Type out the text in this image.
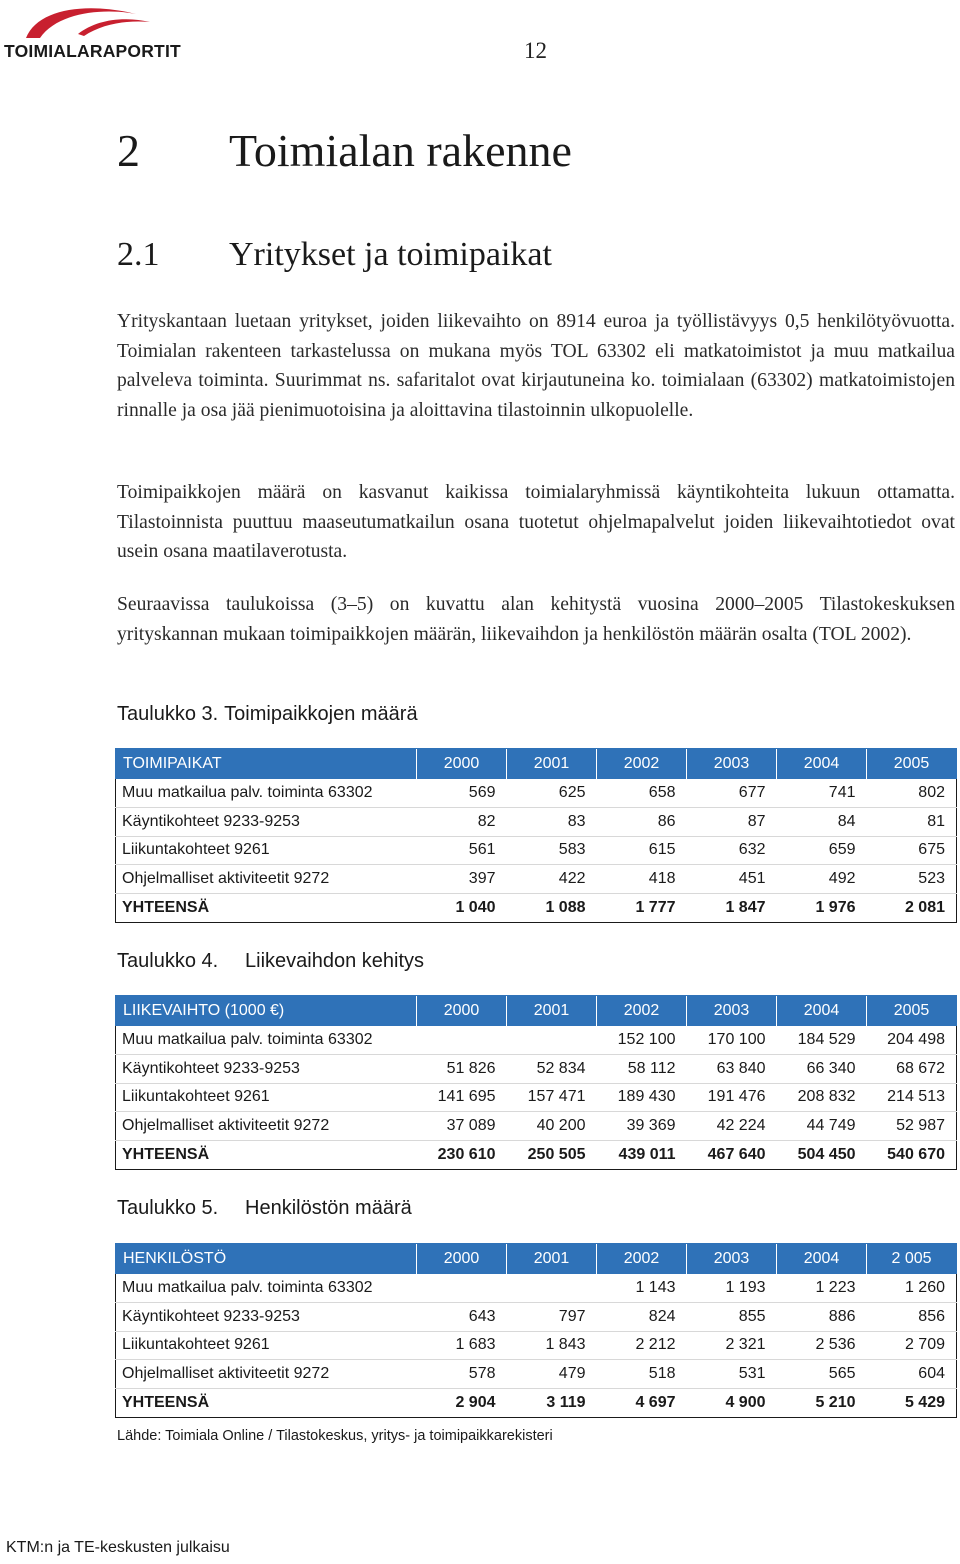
TOIMIALARAPORTIT	12
2 Toimialan rakenne
2.1 Yritykset ja toimipaikat

Yrityskantaan luetaan yritykset, joiden liikevaihto on 8914 euroa ja työllistävyys 0,5 henkilötyövuotta. Toimialan rakenteen tarkastelussa on mukana myös TOL 63302 eli matkatoimistot ja muu matkailua palveleva toiminta. Suurimmat ns. safaritalot ovat kirjautuneina ko. toimialaan (63302) matkatoimistojen rinnalle ja osa jää pienimuotoisina ja aloittavina tilastoinnin ulkopuolelle.

Toimipaikkojen määrä on kasvanut kaikissa toimialaryhmissä käyntikohteita lukuun ottamatta. Tilastoinnista puuttuu maaseutumatkailun osana tuotetut ohjelmapalvelut joiden liikevaihtotiedot ovat usein osana maatilaverotusta.

Seuraavissa taulukoissa (3–5) on kuvattu alan kehitystä vuosina 2000–2005 Tilastokeskuksen yrityskannan mukaan toimipaikkojen määrän, liikevaihdon ja henkilöstön määrän osalta (TOL 2002).

Taulukko 3. Toimipaikkojen määrä
TOIMIPAIKAT	2000	2001	2002	2003	2004	2005
Muu matkailua palv. toiminta 63302	569	625	658	677	741	802
Käyntikohteet 9233-9253	82	83	86	87	84	81
Liikuntakohteet 9261	561	583	615	632	659	675
Ohjelmalliset aktiviteetit 9272	397	422	418	451	492	523
YHTEENSÄ	1 040	1 088	1 777	1 847	1 976	2 081
Taulukko 4. Liikevaihdon kehitys
LIIKEVAIHTO (1000 €)	2000	2001	2002	2003	2004	2005
Muu matkailua palv. toiminta 63302			152 100	170 100	184 529	204 498
Käyntikohteet 9233-9253	51 826	52 834	58 112	63 840	66 340	68 672
Liikuntakohteet 9261	141 695	157 471	189 430	191 476	208 832	214 513
Ohjelmalliset aktiviteetit 9272	37 089	40 200	39 369	42 224	44 749	52 987
YHTEENSÄ	230 610	250 505	439 011	467 640	504 450	540 670
Taulukko 5. Henkilöstön määrä
HENKILÖSTÖ	2000	2001	2002	2003	2004	2 005
Muu matkailua palv. toiminta 63302			1 143	1 193	1 223	1 260
Käyntikohteet 9233-9253	643	797	824	855	886	856
Liikuntakohteet 9261	1 683	1 843	2 212	2 321	2 536	2 709
Ohjelmalliset aktiviteetit 9272	578	479	518	531	565	604
YHTEENSÄ	2 904	3 119	4 697	4 900	5 210	5 429
Lähde: Toimiala Online / Tilastokeskus, yritys- ja toimipaikkarekisteri
KTM:n ja TE-keskusten julkaisu
